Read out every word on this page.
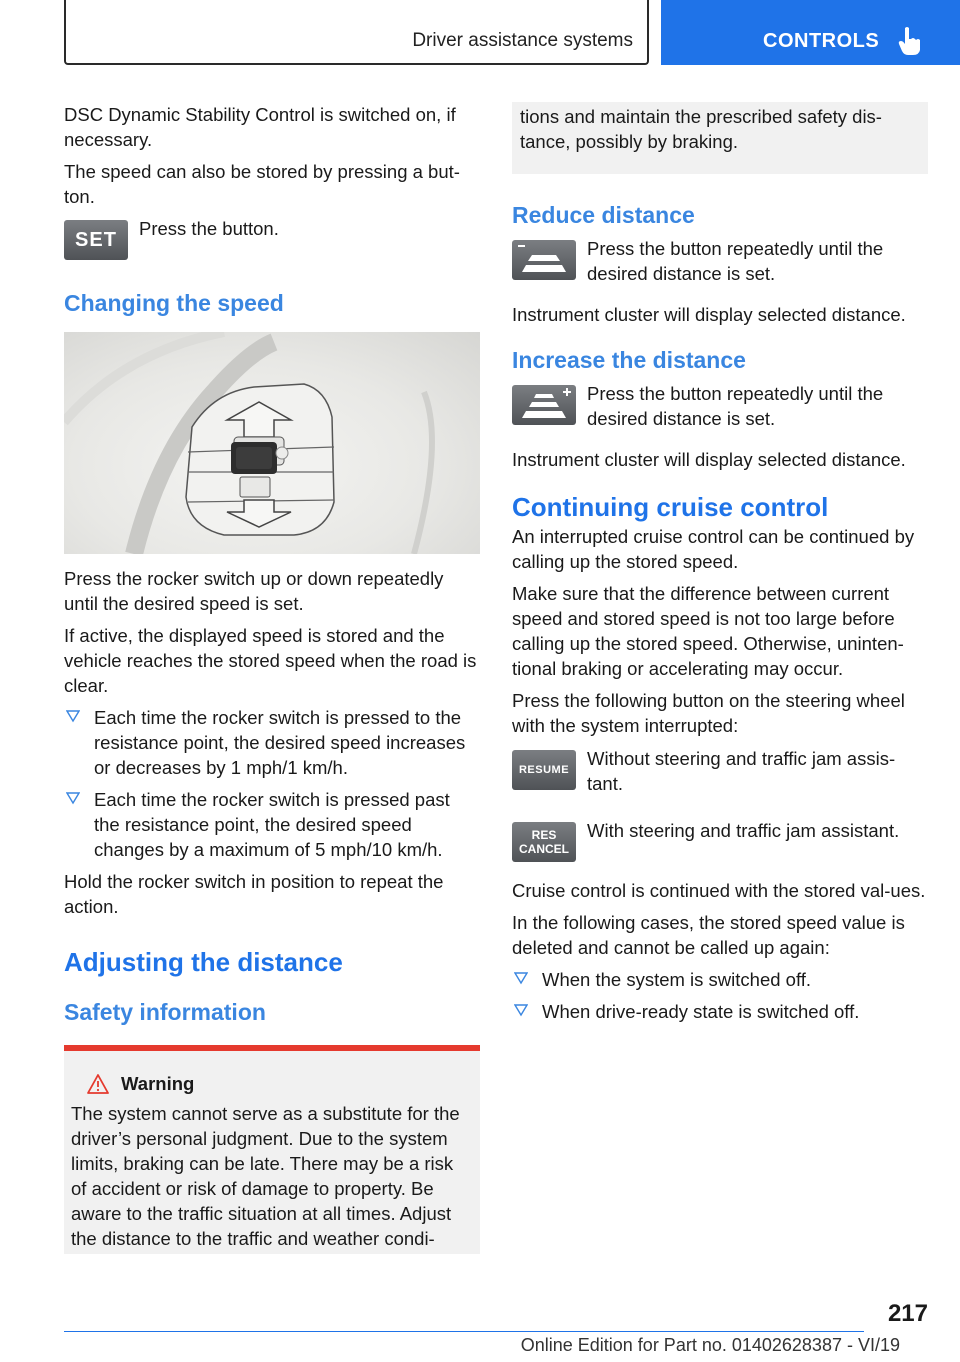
Driver assistance systems	CONTROLS

DSC Dynamic Stability Control is switched on, if necessary.

The speed can also be stored by pressing a but‐ton.

SET Press the button.
Changing the speed

Press the rocker switch up or down repeatedly until the desired speed is set.

If active, the displayed speed is stored and the vehicle reaches the stored speed when the road is clear.

Each time the rocker switch is pressed to the resistance point, the desired speed increases or decreases by 1 mph/1 km/h.
Each time the rocker switch is pressed past the resistance point, the desired speed changes by a maximum of 5 mph/10 km/h.

Hold the rocker switch in position to repeat the action.

Adjusting the distance
Safety information
Warning

The system cannot serve as a substitute for the driver’s personal judgment. Due to the system limits, braking can be late. There may be a risk of accident or risk of damage to property. Be aware to the traffic situation at all times. Adjust the distance to the traffic and weather condi‐

tions and maintain the prescribed safety dis‐tance, possibly by braking.

Reduce distance
Press the button repeatedly until the desired distance is set.

Instrument cluster will display selected distance.

Increase the distance
Press the button repeatedly until the desired distance is set.

Instrument cluster will display selected distance.

Continuing cruise control

An interrupted cruise control can be continued by calling up the stored speed.

Make sure that the difference between current speed and stored speed is not too large before calling up the stored speed. Otherwise, uninten‐tional braking or accelerating may occur.

Press the following button on the steering wheel with the system interrupted:

RESUME
Without steering and traffic jam assis‐tant.
RES
CANCEL
With steering and traffic jam assistant.

Cruise control is continued with the stored val‐ues.

In the following cases, the stored speed value is deleted and cannot be called up again:

When the system is switched off.
When drive-ready state is switched off.
217
Online Edition for Part no. 01402628387 - VI/19
